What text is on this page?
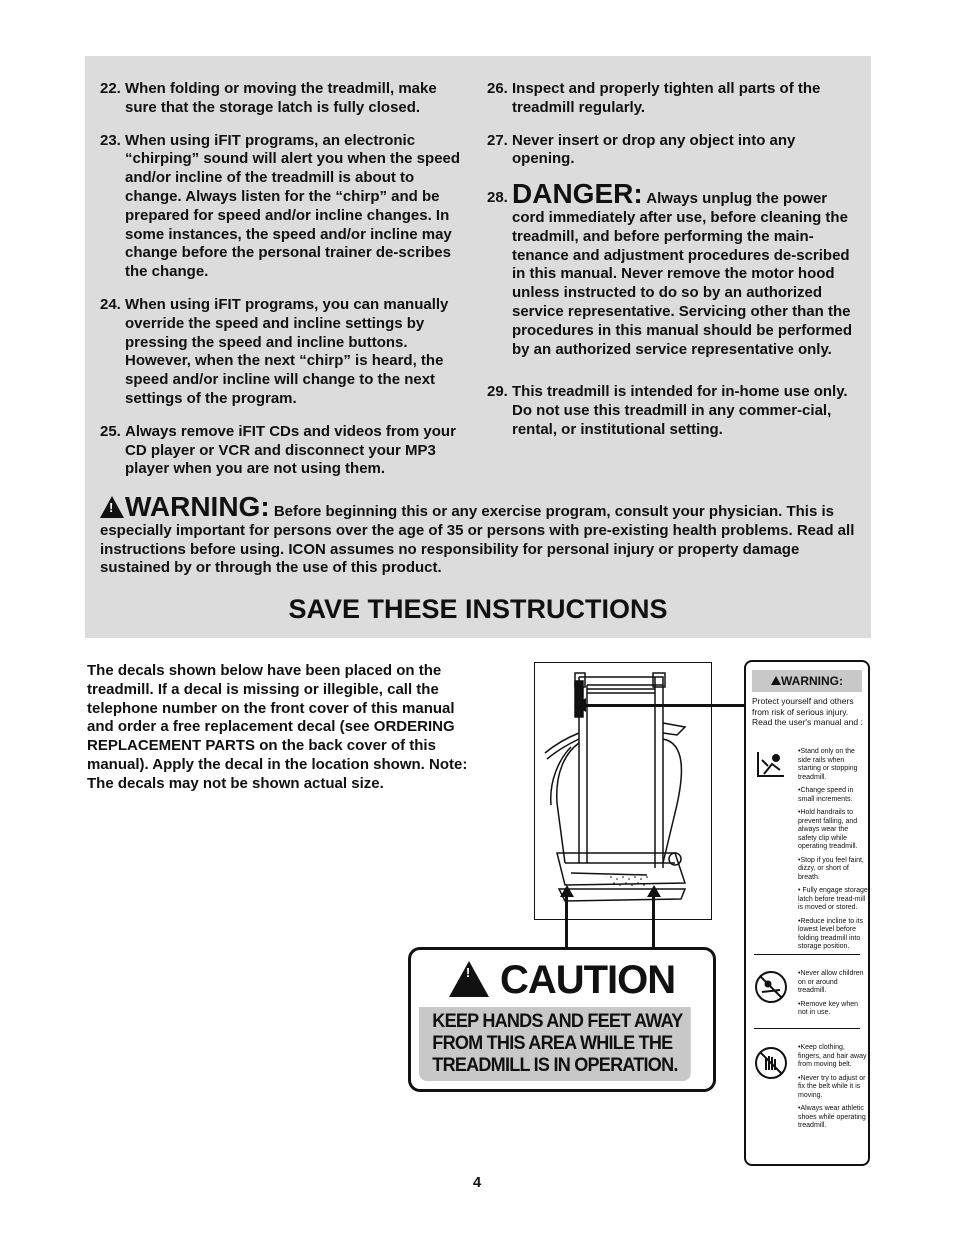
22. When folding or moving the treadmill, make sure that the storage latch is fully closed.
23. When using iFIT programs, an electronic “chirping” sound will alert you when the speed and/or incline of the treadmill is about to change. Always listen for the “chirp” and be prepared for speed and/or incline changes. In some instances, the speed and/or incline may change before the personal trainer de-scribes the change.
24. When using iFIT programs, you can manually override the speed and incline settings by pressing the speed and incline buttons. However, when the next “chirp” is heard, the speed and/or incline will change to the next settings of the program.
25. Always remove iFIT CDs and videos from your CD player or VCR and disconnect your MP3 player when you are not using them.
26. Inspect and properly tighten all parts of the treadmill regularly.
27. Never insert or drop any object into any opening.
28. DANGER: Always unplug the power cord immediately after use, before cleaning the treadmill, and before performing the main-tenance and adjustment procedures de-scribed in this manual. Never remove the motor hood unless instructed to do so by an authorized service representative. Servicing other than the procedures in this manual should be performed by an authorized service representative only.
29. This treadmill is intended for in-home use only. Do not use this treadmill in any commer-cial, rental, or institutional setting.
!WARNING: Before beginning this or any exercise program, consult your physician. This is especially important for persons over the age of 35 or persons with pre-existing health problems. Read all instructions before using. ICON assumes no responsibility for personal injury or property damage sustained by or through the use of this product.
SAVE THESE INSTRUCTIONS
The decals shown below have been placed on the treadmill. If a decal is missing or illegible, call the telephone number on the front cover of this manual and order a free replacement decal (see ORDERING REPLACEMENT PARTS on the back cover of this manual). Apply the decal in the location shown. Note: The decals may not be shown actual size.
! CAUTION
KEEP HANDS AND FEET AWAY
FROM THIS AREA WHILE THE
TREADMILL IS IN OPERATION.
WARNING:
Protect yourself and others from risk of serious injury. Read the user's manual and :
•Stand only on the side rails when starting or stopping treadmill.
•Change speed in small increments.
•Hold handrails to prevent falling, and always wear the safety clip while operating treadmill.
•Stop if you feel faint, dizzy, or short of breath.
• Fully engage storage latch before tread-mill is moved or stored.
•Reduce incline to its lowest level before folding treadmill into storage position.
•Never allow children on or around treadmill.
•Remove key when not in use.
•Keep clothing, fingers, and hair away from moving belt.
•Never try to adjust or fix the belt while it is moving.
•Always wear athletic shoes while operating treadmill.
4
